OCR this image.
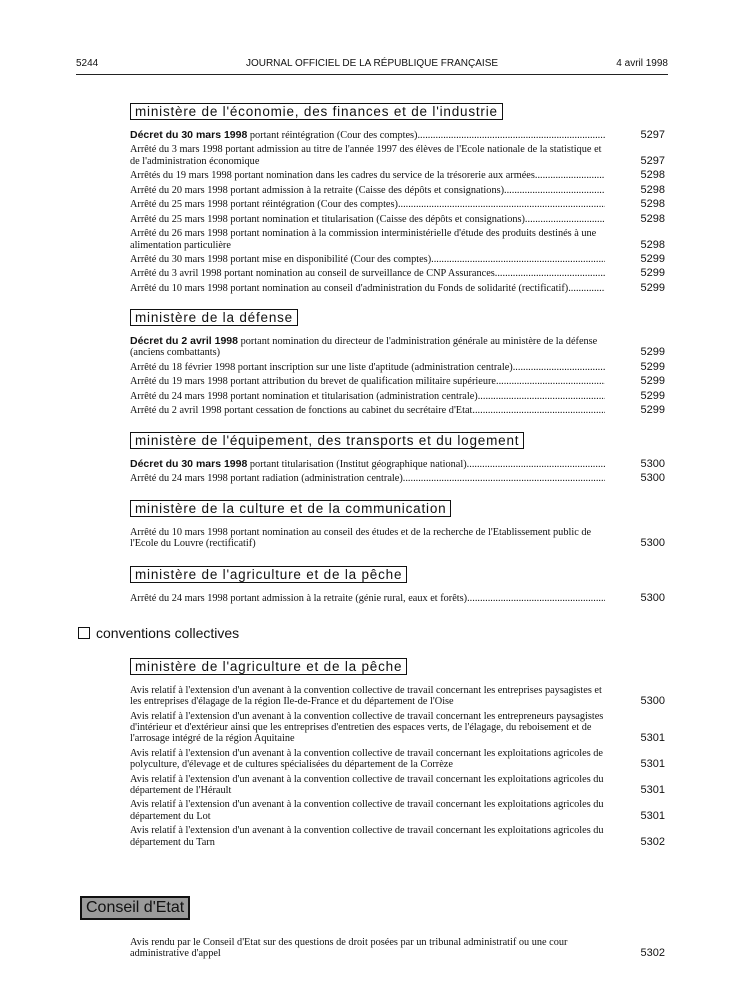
5244	JOURNAL OFFICIEL DE LA RÉPUBLIQUE FRANÇAISE	4 avril 1998
ministère de l'économie, des finances et de l'industrie
Décret du 30 mars 1998 portant réintégration (Cour des comptes) .....	5297
Arrêté du 3 mars 1998 portant admission au titre de l'année 1997 des élèves de l'Ecole nationale de la statistique et de l'administration économique	5297
Arrêtés du 19 mars 1998 portant nomination dans les cadres du service de la trésorerie aux armées .....	5298
Arrêté du 20 mars 1998 portant admission à la retraite (Caisse des dépôts et consignations) .....	5298
Arrêté du 25 mars 1998 portant réintégration (Cour des comptes) .....	5298
Arrêté du 25 mars 1998 portant nomination et titularisation (Caisse des dépôts et consignations) .....	5298
Arrêté du 26 mars 1998 portant nomination à la commission interministérielle d'étude des produits destinés à une alimentation particulière	5298
Arrêté du 30 mars 1998 portant mise en disponibilité (Cour des comptes) .....	5299
Arrêté du 3 avril 1998 portant nomination au conseil de surveillance de CNP Assurances .....	5299
Arrêté du 10 mars 1998 portant nomination au conseil d'administration du Fonds de solidarité (rectificatif) .....	5299
ministère de la défense
Décret du 2 avril 1998 portant nomination du directeur de l'administration générale au ministère de la défense (anciens combattants)	5299
Arrêté du 18 février 1998 portant inscription sur une liste d'aptitude (administration centrale) .....	5299
Arrêté du 19 mars 1998 portant attribution du brevet de qualification militaire supérieure .....	5299
Arrêté du 24 mars 1998 portant nomination et titularisation (administration centrale) .....	5299
Arrêté du 2 avril 1998 portant cessation de fonctions au cabinet du secrétaire d'Etat .....	5299
ministère de l'équipement, des transports et du logement
Décret du 30 mars 1998 portant titularisation (Institut géographique national) .....	5300
Arrêté du 24 mars 1998 portant radiation (administration centrale) .....	5300
ministère de la culture et de la communication
Arrêté du 10 mars 1998 portant nomination au conseil des études et de la recherche de l'Etablissement public de l'Ecole du Louvre (rectificatif)	5300
ministère de l'agriculture et de la pêche
Arrêté du 24 mars 1998 portant admission à la retraite (génie rural, eaux et forêts) .....	5300
conventions collectives
ministère de l'agriculture et de la pêche
Avis relatif à l'extension d'un avenant à la convention collective de travail concernant les entreprises paysagistes et les entreprises d'élagage de la région Ile-de-France et du département de l'Oise	5300
Avis relatif à l'extension d'un avenant à la convention collective de travail concernant les entrepreneurs paysagistes d'intérieur et d'extérieur ainsi que les entreprises d'entretien des espaces verts, de l'élagage, du reboisement et de l'arrosage intégré de la région Aquitaine	5301
Avis relatif à l'extension d'un avenant à la convention collective de travail concernant les exploitations agricoles de polyculture, d'élevage et de cultures spécialisées du département de la Corrèze	5301
Avis relatif à l'extension d'un avenant à la convention collective de travail concernant les exploitations agricoles du département de l'Hérault	5301
Avis relatif à l'extension d'un avenant à la convention collective de travail concernant les exploitations agricoles du département du Lot	5301
Avis relatif à l'extension d'un avenant à la convention collective de travail concernant les exploitations agricoles du département du Tarn	5302
Conseil d'Etat
Avis rendu par le Conseil d'Etat sur des questions de droit posées par un tribunal administratif ou une cour administrative d'appel	5302
